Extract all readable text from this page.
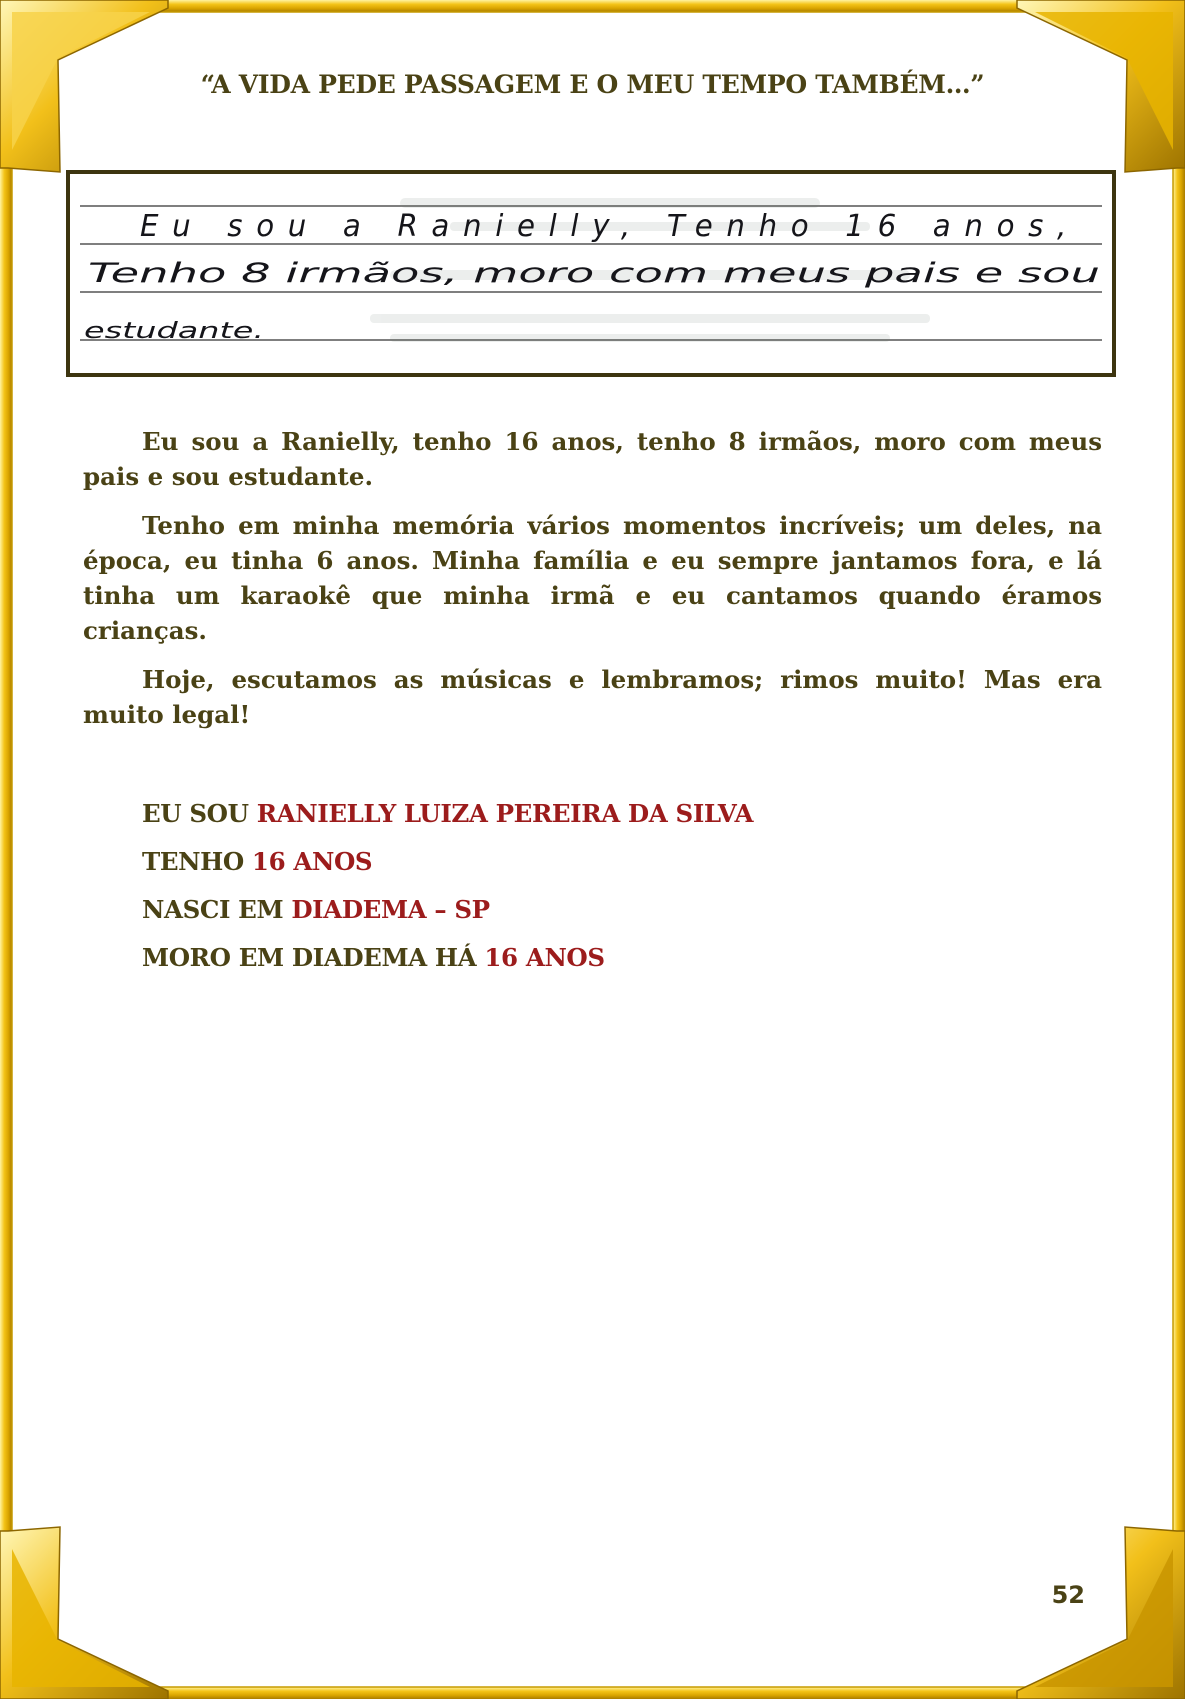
“A VIDA PEDE PASSAGEM E O MEU TEMPO TAMBÉM…”
Eu sou a Ranielly, Tenho 16 anos,
Tenho 8 irmãos, moro com meus pais e sou
estudante.

Eu sou a Ranielly, tenho 16 anos, tenho 8 irmãos, moro com meus pais e sou estudante.

Tenho em minha memória vários momentos incríveis; um deles, na época, eu tinha 6 anos. Minha família e eu sempre jantamos fora, e lá tinha um karaokê que minha irmã e eu cantamos quando éramos crianças.

Hoje, escutamos as músicas e lembramos; rimos muito! Mas era muito legal!

EU SOU RANIELLY LUIZA PEREIRA DA SILVA
TENHO 16 ANOS
NASCI EM DIADEMA – SP
MORO EM DIADEMA HÁ 16 ANOS
52
